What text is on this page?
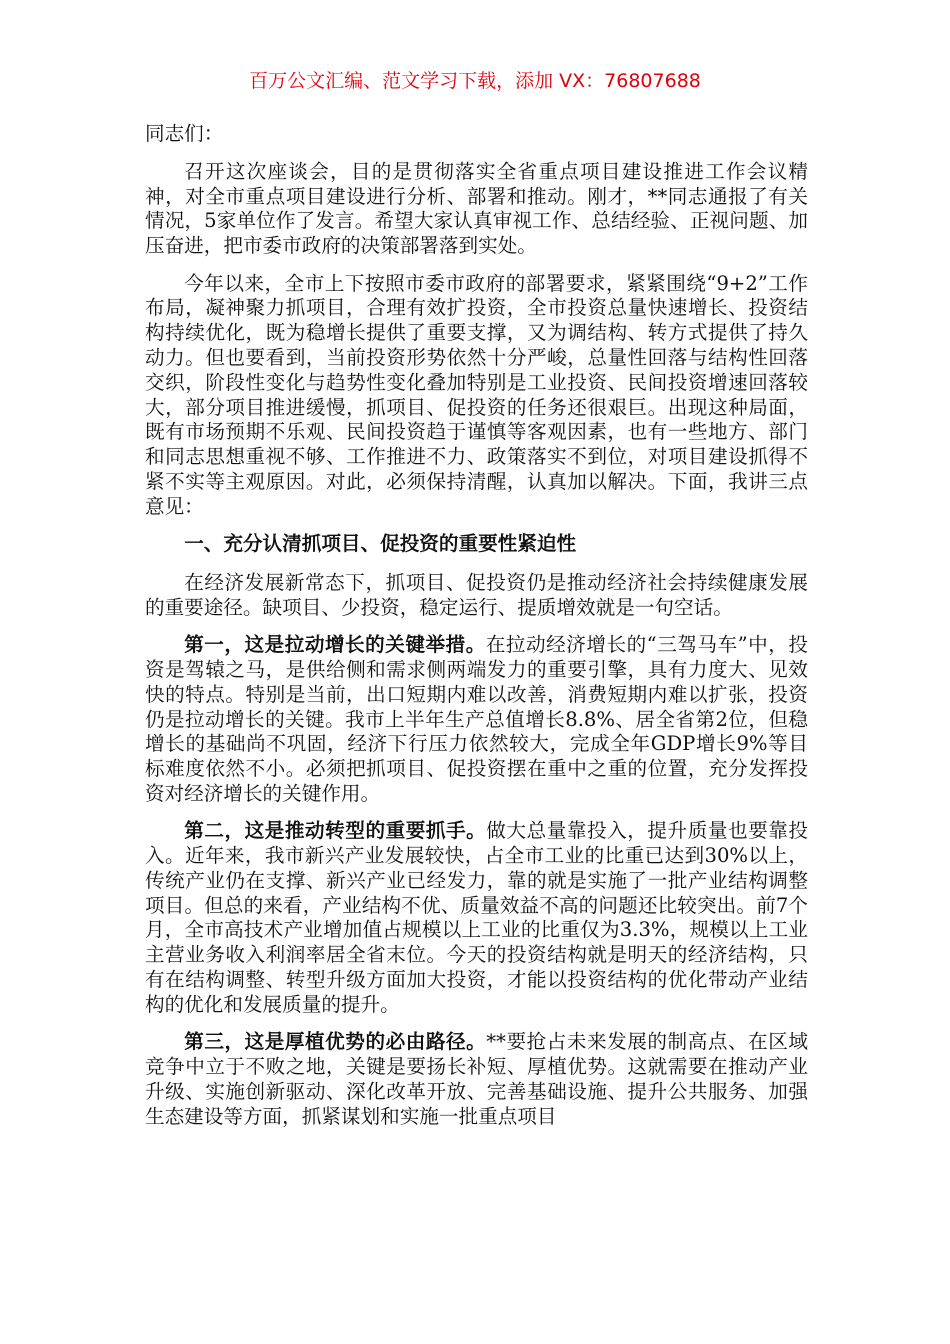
百万公文汇编、范文学习下载，添加 VX：76807688

同志们：

召开这次座谈会，目的是贯彻落实全省重点项目建设推进工作会议精神，对全市重点项目建设进行分析、部署和推动。刚才，**同志通报了有关情况，5家单位作了发言。希望大家认真审视工作、总结经验、正视问题、加压奋进，把市委市政府的决策部署落到实处。

今年以来，全市上下按照市委市政府的部署要求，紧紧围绕“9+2”工作布局，凝神聚力抓项目，合理有效扩投资，全市投资总量快速增长、投资结构持续优化，既为稳增长提供了重要支撑，又为调结构、转方式提供了持久动力。但也要看到，当前投资形势依然十分严峻，总量性回落与结构性回落交织，阶段性变化与趋势性变化叠加特别是工业投资、民间投资增速回落较大，部分项目推进缓慢，抓项目、促投资的任务还很艰巨。出现这种局面，既有市场预期不乐观、民间投资趋于谨慎等客观因素，也有一些地方、部门和同志思想重视不够、工作推进不力、政策落实不到位，对项目建设抓得不紧不实等主观原因。对此，必须保持清醒，认真加以解决。下面，我讲三点意见：

一、充分认清抓项目、促投资的重要性紧迫性

在经济发展新常态下，抓项目、促投资仍是推动经济社会持续健康发展的重要途径。缺项目、少投资，稳定运行、提质增效就是一句空话。

第一，这是拉动增长的关键举措。在拉动经济增长的“三驾马车”中，投资是驾辕之马，是供给侧和需求侧两端发力的重要引擎，具有力度大、见效快的特点。特别是当前，出口短期内难以改善，消费短期内难以扩张，投资仍是拉动增长的关键。我市上半年生产总值增长8.8%、居全省第2位，但稳增长的基础尚不巩固，经济下行压力依然较大，完成全年GDP增长9%等目标难度依然不小。必须把抓项目、促投资摆在重中之重的位置，充分发挥投资对经济增长的关键作用。

第二，这是推动转型的重要抓手。做大总量靠投入，提升质量也要靠投入。近年来，我市新兴产业发展较快，占全市工业的比重已达到30%以上，传统产业仍在支撑、新兴产业已经发力，靠的就是实施了一批产业结构调整项目。但总的来看，产业结构不优、质量效益不高的问题还比较突出。前7个月，全市高技术产业增加值占规模以上工业的比重仅为3.3%，规模以上工业主营业务收入利润率居全省末位。今天的投资结构就是明天的经济结构，只有在结构调整、转型升级方面加大投资，才能以投资结构的优化带动产业结构的优化和发展质量的提升。

第三，这是厚植优势的必由路径。**要抢占未来发展的制高点、在区域竞争中立于不败之地，关键是要扬长补短、厚植优势。这就需要在推动产业升级、实施创新驱动、深化改革开放、完善基础设施、提升公共服务、加强生态建设等方面，抓紧谋划和实施一批重点项目
